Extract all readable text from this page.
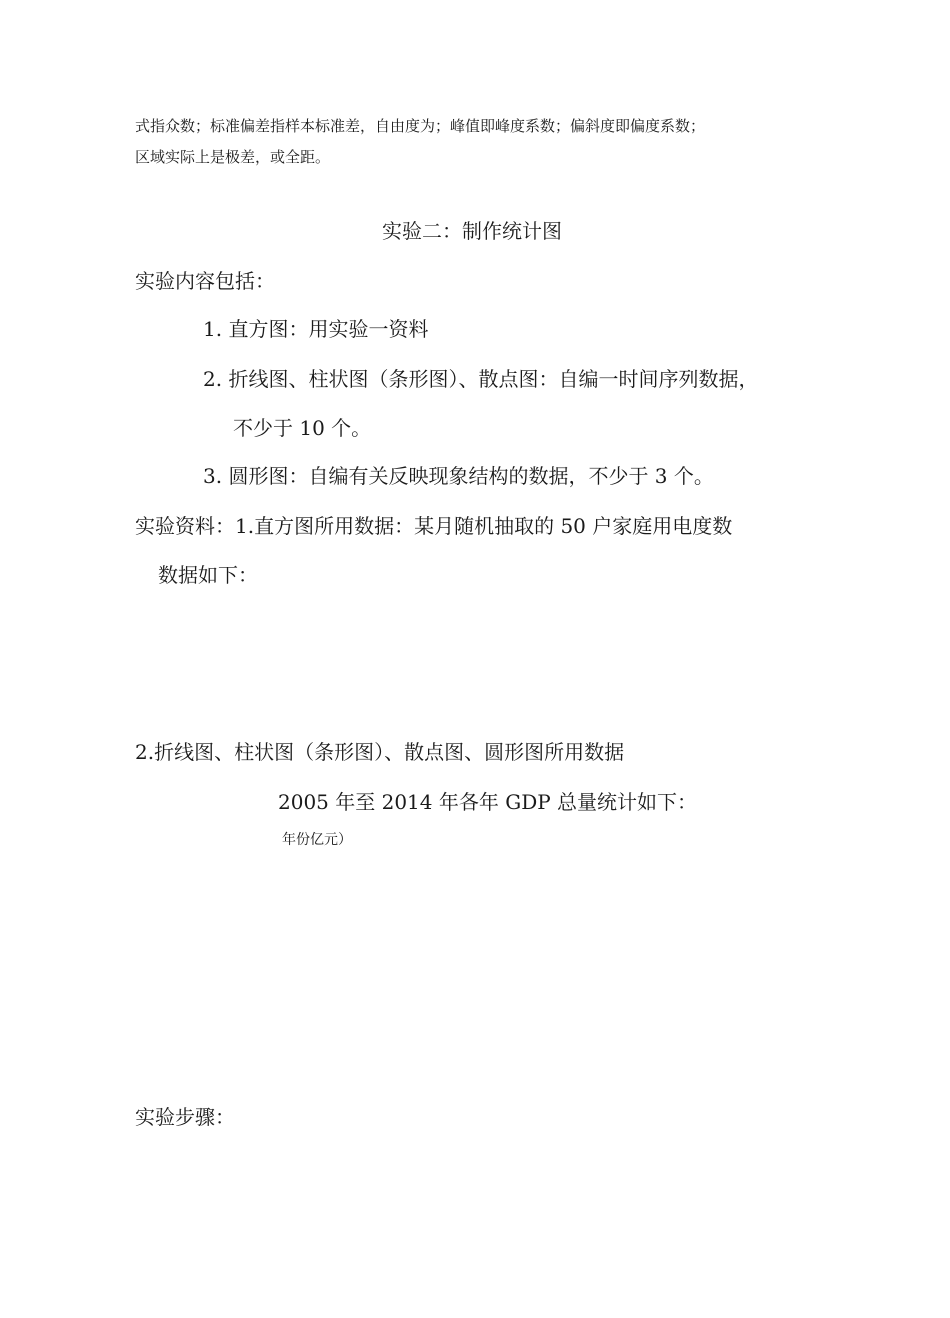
式指众数；标准偏差指样本标准差，自由度为；峰值即峰度系数；偏斜度即偏度系数；
区域实际上是极差，或全距。
实验二：制作统计图
实验内容包括：
1. 直方图：用实验一资料
2. 折线图、柱状图（条形图）、散点图：自编一时间序列数据，
不少于 10 个。
3. 圆形图：自编有关反映现象结构的数据，不少于 3 个。
实验资料：1.直方图所用数据：某月随机抽取的 50 户家庭用电度数
数据如下：
2.折线图、柱状图（条形图）、散点图、圆形图所用数据
2005 年至 2014 年各年 GDP 总量统计如下：
年份亿元）
实验步骤：
